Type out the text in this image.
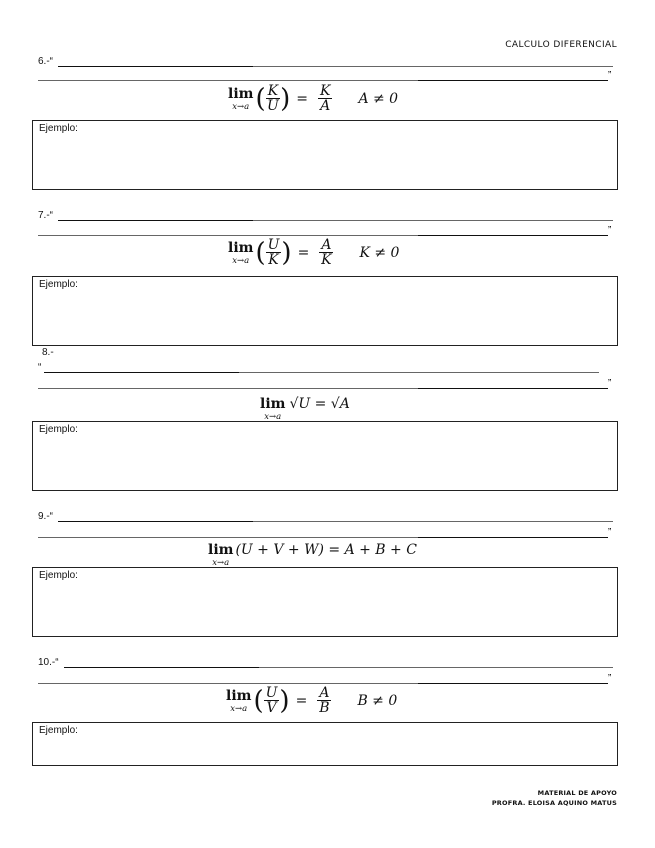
CALCULO DIFERENCIAL
6.-“
”
lim
x→a ( $\frac{K}{U}$ ) = $\frac{K}{A}$ A ≠ 0
Ejemplo:
7.-“
”
lim
x→a ( $\frac{U}{K}$ ) = $\frac{A}{K}$ K ≠ 0
Ejemplo:
8.-
“
”
lim
x→a
√U = √A
Ejemplo:
9.-“
”
lim
x→a
(U + V + W) = A + B + C
Ejemplo:
10.-“
”
lim
x→a ( $\frac{U}{V}$ ) = $\frac{A}{B}$ B ≠ 0
Ejemplo:
MATERIAL DE APOYO
PROFRA. ELOISA AQUINO MATUS
